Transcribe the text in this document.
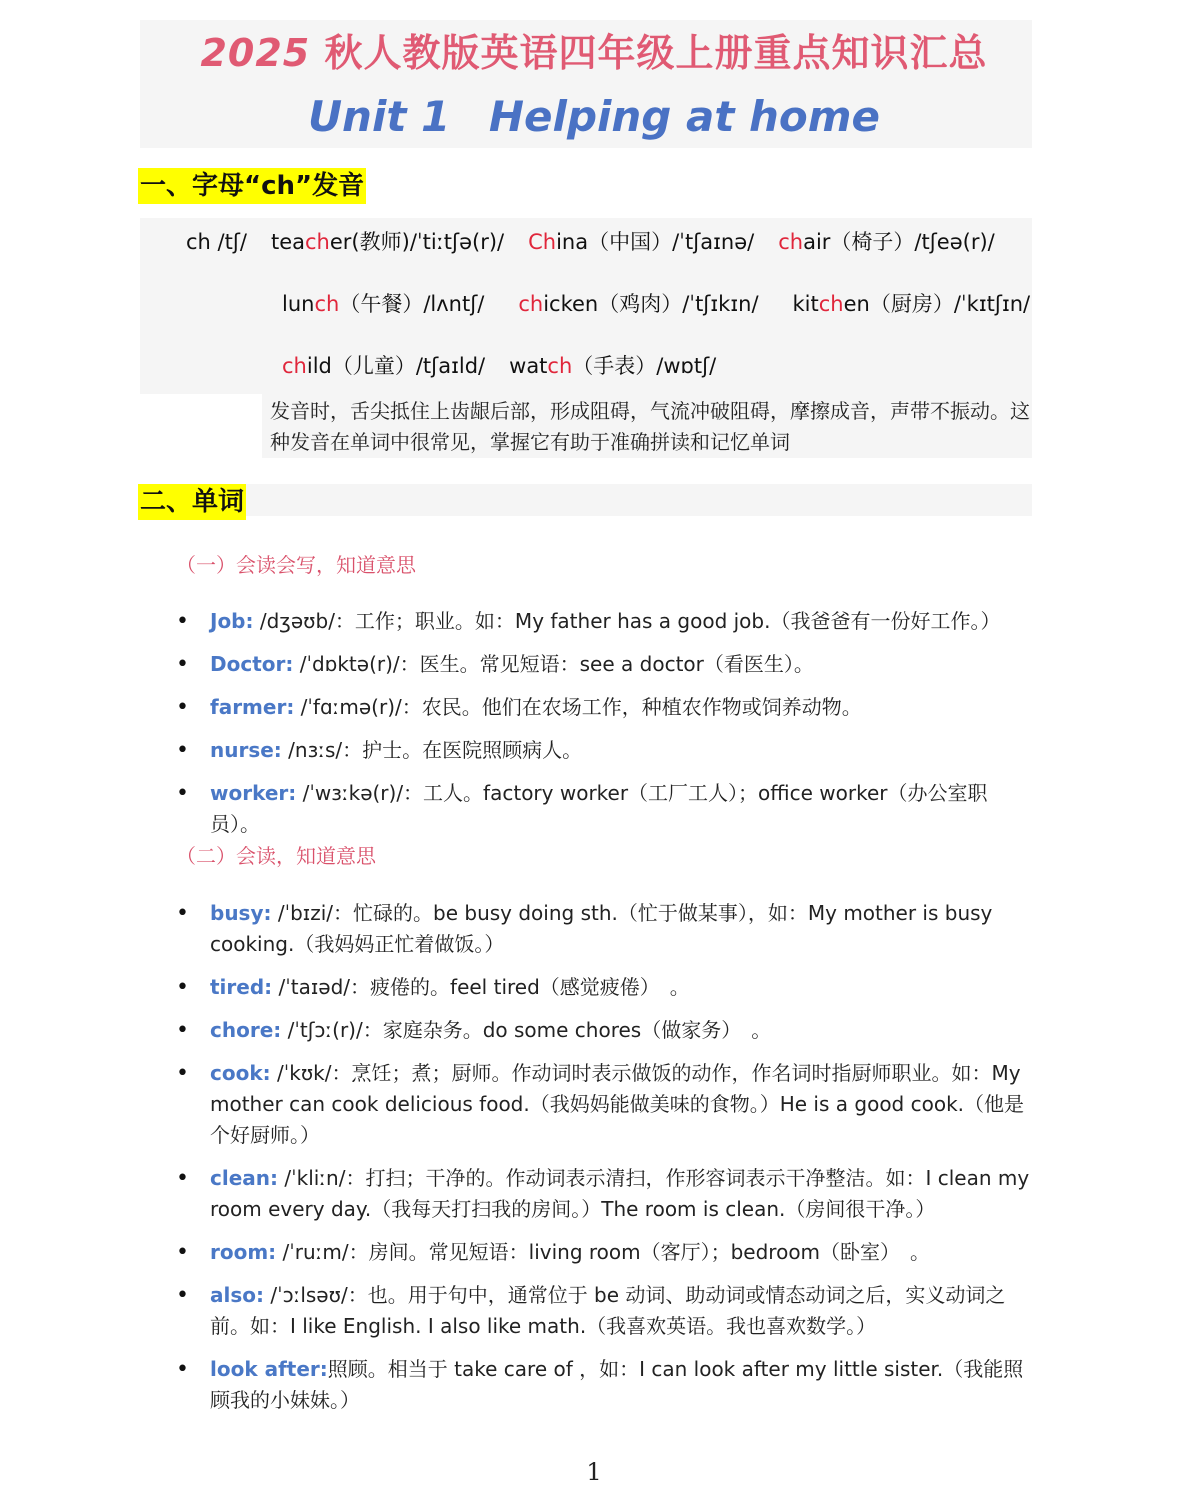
2025 秋人教版英语四年级上册重点知识汇总
Unit 1 Helping at home
一、字母“ch”发音
ch /tʃ/ teacher(教师)/ˈtiːtʃə(r)/ China（中国）/ˈtʃaɪnə/ chair（椅子）/tʃeə(r)/
lunch（午餐）/lʌntʃ/ chicken（鸡肉）/ˈtʃɪkɪn/ kitchen（厨房）/ˈkɪtʃɪn/
child（儿童）/tʃaɪld/ watch（手表）/wɒtʃ/
发音时，舌尖抵住上齿龈后部，形成阻碍，气流冲破阻碍，摩擦成音，声带不振动。这种发音在单词中很常见，掌握它有助于准确拼读和记忆单词
二、单词
（一）会读会写，知道意思
• Job: /dʒəʊb/：工作；职业。如：My father has a good job.（我爸爸有一份好工作。）
• Doctor: /ˈdɒktə(r)/：医生。常见短语：see a doctor（看医生）。
• farmer: /ˈfɑːmə(r)/：农民。他们在农场工作，种植农作物或饲养动物。
• nurse: /nɜːs/：护士。在医院照顾病人。
• worker: /ˈwɜːkə(r)/：工人。factory worker（工厂工人）；office worker（办公室职员）。
（二）会读，知道意思
• busy: /ˈbɪzi/：忙碌的。be busy doing sth.（忙于做某事），如：My mother is busy cooking.（我妈妈正忙着做饭。）
• tired: /ˈtaɪəd/：疲倦的。feel tired（感觉疲倦）　。
• chore: /ˈtʃɔː(r)/：家庭杂务。do some chores（做家务）　。
• cook: /ˈkʊk/：烹饪；煮；厨师。作动词时表示做饭的动作，作名词时指厨师职业。如：My mother can cook delicious food.（我妈妈能做美味的食物。）He is a good cook.（他是个好厨师。）
• clean: /ˈkliːn/：打扫；干净的。作动词表示清扫，作形容词表示干净整洁。如：I clean my room every day.（我每天打扫我的房间。）The room is clean.（房间很干净。）
• room: /ˈruːm/：房间。常见短语：living room（客厅）；bedroom（卧室）　。
• also: /ˈɔːlsəʊ/：也。用于句中，通常位于 be 动词、助动词或情态动词之后，实义动词之前。如：I like English. I also like math.（我喜欢英语。我也喜欢数学。）
• look after:照顾。相当于 take care of ，如：I can look after my little sister.（我能照顾我的小妹妹。）
1
